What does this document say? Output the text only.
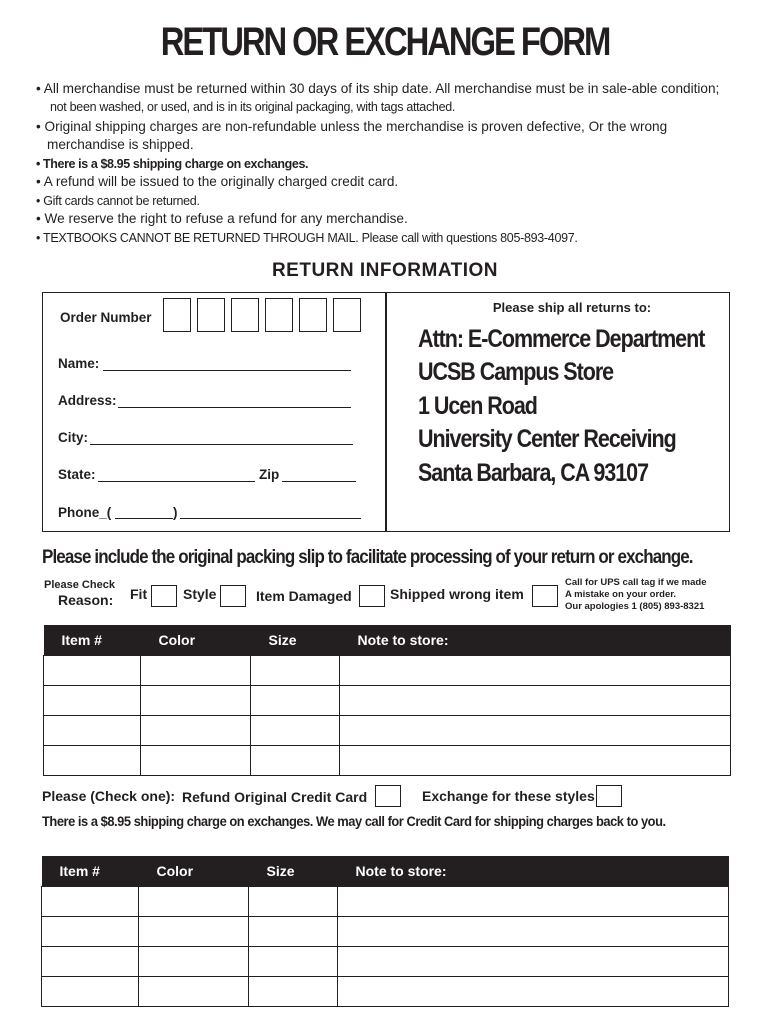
RETURN OR EXCHANGE FORM
• All merchandise must be returned within 30 days of its ship date. All merchandise must be in sale-able condition;
not been washed, or used, and is in its original packaging, with tags attached.
• Original shipping charges are non-refundable unless the merchandise is proven defective, Or the wrong
merchandise is shipped.
• There is a $8.95 shipping charge on exchanges.
• A refund will be issued to the originally charged credit card.
• Gift cards cannot be returned.
• We reserve the right to refuse a refund for any merchandise.
• TEXTBOOKS CANNOT BE RETURNED THROUGH MAIL. Please call with questions 805-893-4097.
RETURN INFORMATION
Order Number
Name:
Address:
City:
State:	Zip
Phone_(	)
Please ship all returns to:
Attn: E-Commerce Department
UCSB Campus Store
1 Ucen Road
University Center Receiving
Santa Barbara, CA 93107
Please include the original packing slip to facilitate processing of your return or exchange.
Please Check
Reason: Fit	Style	Item Damaged	Shipped wrong item
Call for UPS call tag if we made
A mistake on your order.
Our apologies 1 (805) 893-8321
Item #	Color	Size	Note to store:

Please (Check one): Refund Original Credit Card	Exchange for these styles
There is a $8.95 shipping charge on exchanges. We may call for Credit Card for shipping charges back to you.
Item #	Color	Size	Note to store:
